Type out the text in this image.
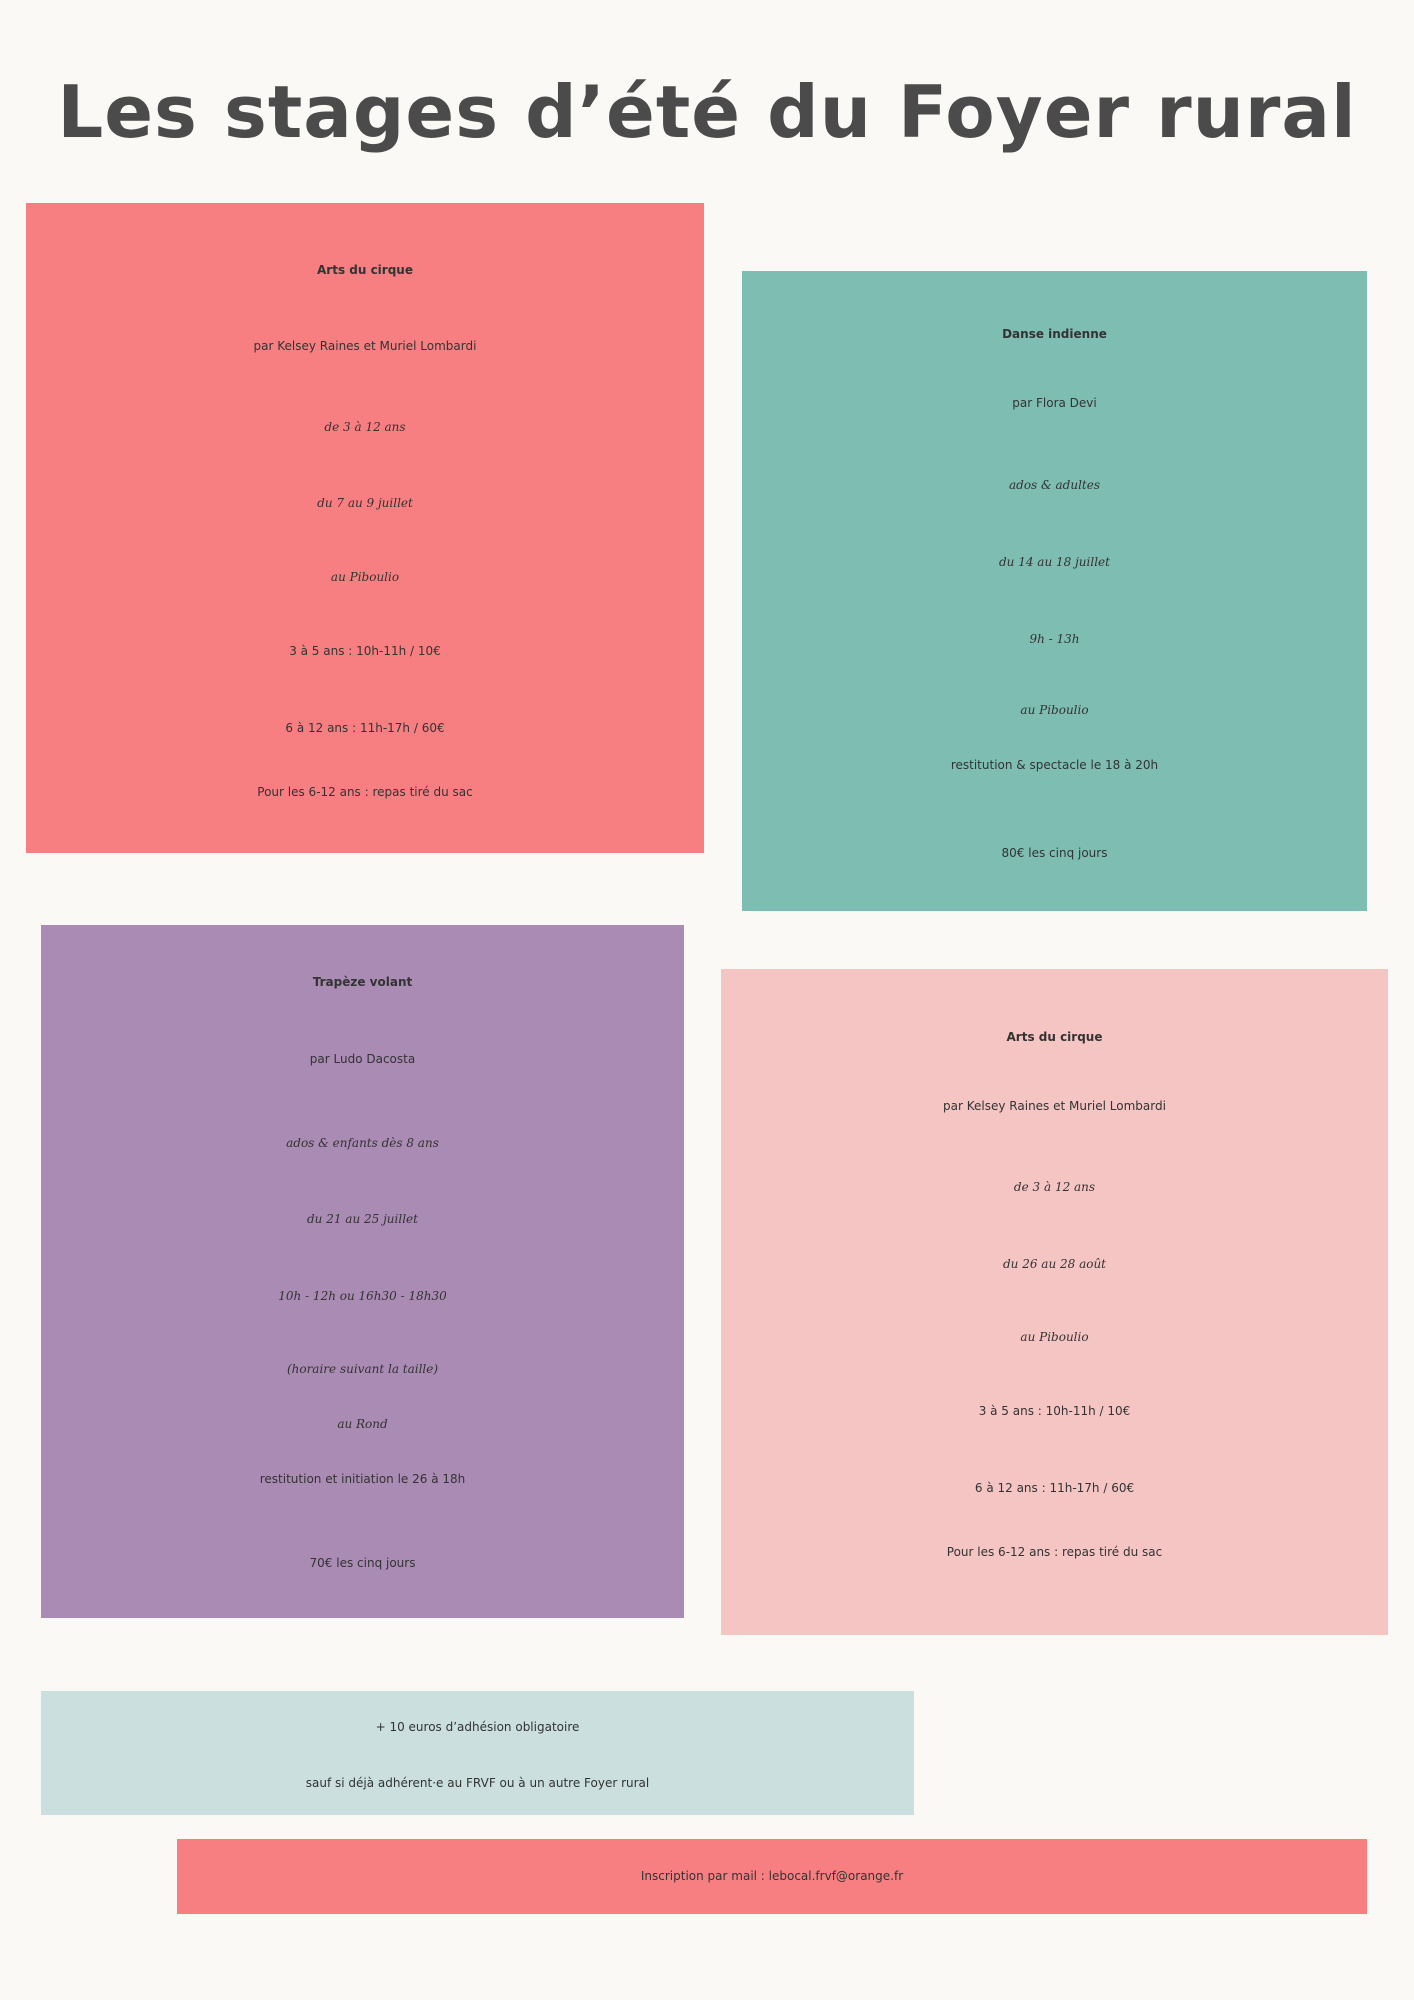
Les stages d’été du Foyer rural
Arts du cirque
par Kelsey Raines et Muriel Lombardi
de 3 à 12 ans
du 7 au 9 juillet
au Piboulio
3 à 5 ans : 10h-11h / 10€
6 à 12 ans : 11h-17h / 60€
Pour les 6-12 ans : repas tiré du sac
Danse indienne
par Flora Devi
ados & adultes
du 14 au 18 juillet
9h - 13h
au Piboulio
restitution & spectacle le 18 à 20h
80€ les cinq jours
Trapèze volant
par Ludo Dacosta
ados & enfants dès 8 ans
du 21 au 25 juillet
10h - 12h ou 16h30 - 18h30
(horaire suivant la taille)
au Rond
restitution et initiation le 26 à 18h
70€ les cinq jours
Arts du cirque
par Kelsey Raines et Muriel Lombardi
de 3 à 12 ans
du 26 au 28 août
au Piboulio
3 à 5 ans : 10h-11h / 10€
6 à 12 ans : 11h-17h / 60€
Pour les 6-12 ans : repas tiré du sac
+ 10 euros d’adhésion obligatoire
sauf si déjà adhérent·e au FRVF ou à un autre Foyer rural
Inscription par mail : lebocal.frvf@orange.fr
